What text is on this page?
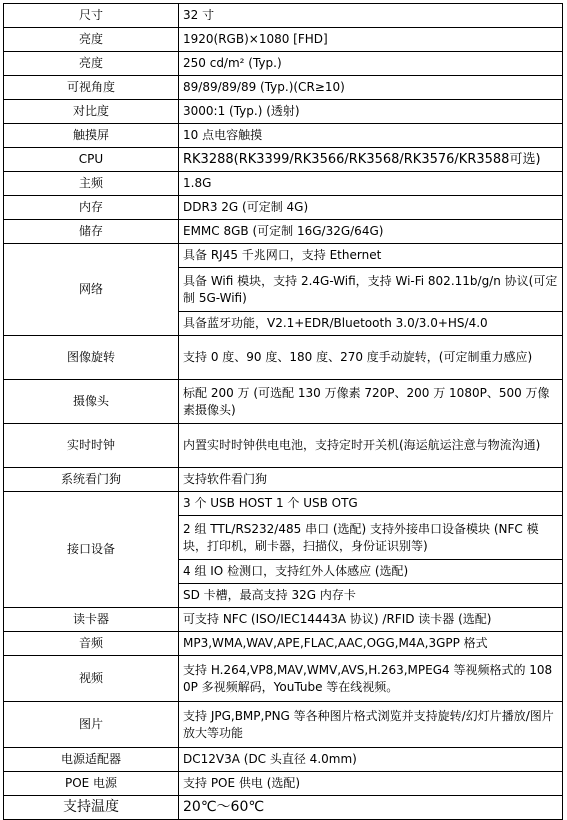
尺寸	32 寸
亮度	1920(RGB)×1080 [FHD]
亮度	250 cd/m² (Typ.)
可视角度	89/89/89/89 (Typ.)(CR≥10)
对比度	3000:1 (Typ.) (透射)
触摸屏	10 点电容触摸
CPU	RK3288(RK3399/RK3566/RK3568/RK3576/KR3588可选)
主频	1.8G
内存	DDR3 2G (可定制 4G)
储存	EMMC 8GB (可定制 16G/32G/64G)
网络	具备 RJ45 千兆网口，支持 Ethernet
	具备 Wifi 模块，支持 2.4G-Wifi，支持 Wi-Fi 802.11b/g/n 协议(可定制 5G-Wifi)
	具备蓝牙功能，V2.1+EDR/Bluetooth 3.0/3.0+HS/4.0
图像旋转	支持 0 度、90 度、180 度、270 度手动旋转，(可定制重力感应)
摄像头	标配 200 万 (可选配 130 万像素 720P、200 万 1080P、500 万像素摄像头)
实时时钟	内置实时时钟供电电池，支持定时开关机(海运航运注意与物流沟通)
系统看门狗	支持软件看门狗
接口设备	3 个 USB HOST 1 个 USB OTG
	2 组 TTL/RS232/485 串口 (选配) 支持外接串口设备模块 (NFC 模块，打印机，刷卡器，扫描仪，身份证识别等)
	4 组 IO 检测口，支持红外人体感应 (选配)
	SD 卡槽，最高支持 32G 内存卡
读卡器	可支持 NFC (ISO/IEC14443A 协议) /RFID 读卡器 (选配)
音频	MP3,WMA,WAV,APE,FLAC,AAC,OGG,M4A,3GPP 格式
视频	支持 H.264,VP8,MAV,WMV,AVS,H.263,MPEG4 等视频格式的 1080P 多视频解码，YouTube 等在线视频。
图片	支持 JPG,BMP,PNG 等各种图片格式浏览并支持旋转/幻灯片播放/图片放大等功能
电源适配器	DC12V3A (DC 头直径 4.0mm)
POE 电源	支持 POE 供电 (选配)
支持温度	20℃～60℃
